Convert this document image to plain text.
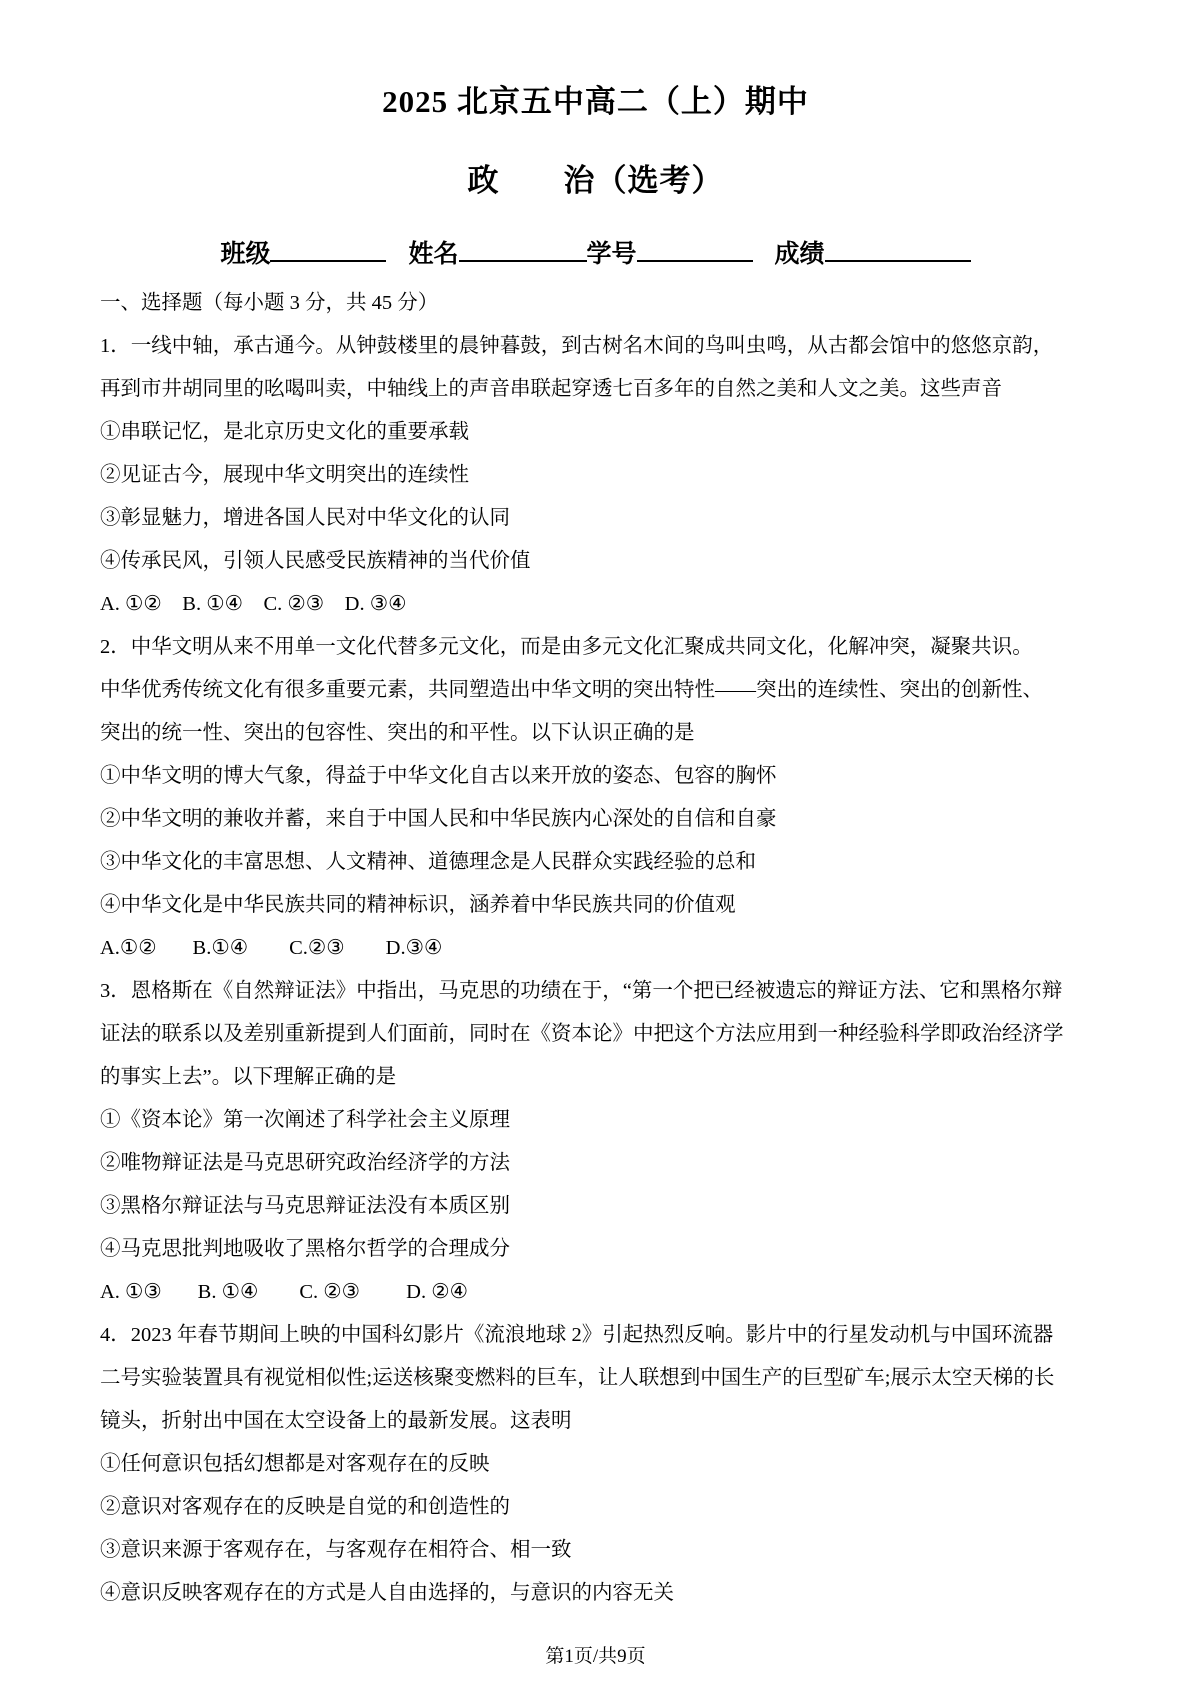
2025 北京五中高二（上）期中
政　　治（选考）
班级	姓名	学号	成绩
一、选择题（每小题 3 分，共 45 分）
1．一线中轴，承古通今。从钟鼓楼里的晨钟暮鼓，到古树名木间的鸟叫虫鸣，从古都会馆中的悠悠京韵，
再到市井胡同里的吆喝叫卖，中轴线上的声音串联起穿透七百多年的自然之美和人文之美。这些声音
①串联记忆，是北京历史文化的重要承载
②见证古今，展现中华文明突出的连续性
③彰显魅力，增进各国人民对中华文化的认同
④传承民风，引领人民感受民族精神的当代价值
A. ①②    B. ①④    C. ②③    D. ③④
2．中华文明从来不用单一文化代替多元文化，而是由多元文化汇聚成共同文化，化解冲突，凝聚共识。
中华优秀传统文化有很多重要元素，共同塑造出中华文明的突出特性——突出的连续性、突出的创新性、
突出的统一性、突出的包容性、突出的和平性。以下认识正确的是
①中华文明的博大气象，得益于中华文化自古以来开放的姿态、包容的胸怀
②中华文明的兼收并蓄，来自于中国人民和中华民族内心深处的自信和自豪
③中华文化的丰富思想、人文精神、道德理念是人民群众实践经验的总和
④中华文化是中华民族共同的精神标识，涵养着中华民族共同的价值观
A.①②       B.①④        C.②③        D.③④
3．恩格斯在《自然辩证法》中指出，马克思的功绩在于，“第一个把已经被遗忘的辩证方法、它和黑格尔辩
证法的联系以及差别重新提到人们面前，同时在《资本论》中把这个方法应用到一种经验科学即政治经济学
的事实上去”。以下理解正确的是
①《资本论》第一次阐述了科学社会主义原理
②唯物辩证法是马克思研究政治经济学的方法
③黑格尔辩证法与马克思辩证法没有本质区别
④马克思批判地吸收了黑格尔哲学的合理成分
A. ①③       B. ①④        C. ②③         D. ②④
4．2023 年春节期间上映的中国科幻影片《流浪地球 2》引起热烈反响。影片中的行星发动机与中国环流器
二号实验装置具有视觉相似性;运送核聚变燃料的巨车，让人联想到中国生产的巨型矿车;展示太空天梯的长
镜头，折射出中国在太空设备上的最新发展。这表明
①任何意识包括幻想都是对客观存在的反映
②意识对客观存在的反映是自觉的和创造性的
③意识来源于客观存在，与客观存在相符合、相一致
④意识反映客观存在的方式是人自由选择的，与意识的内容无关
第1页/共9页
